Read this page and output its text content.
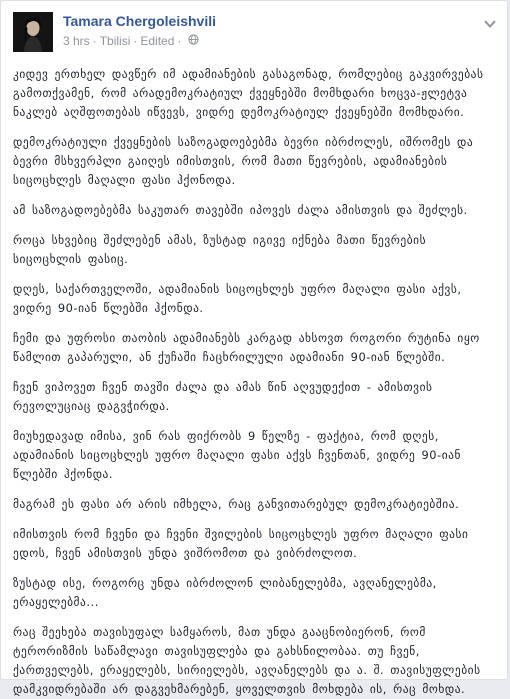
Tamara Chergoleishvili
3 hrs · Tbilisi · Edited ·

კიდევ ერთხელ დავწერ იმ ადამიანების გასაგონად, რომლებიც გაკვირვებას გამოთქვამენ, რომ არადემოკრატიულ ქვეყნებში მომხდარი ხოცვა-ჟლეტვა ნაკლებ აღშფოთებას იწვევს, ვიდრე დემოკრატიულ ქვეყნებში მომხდარი.

დემოკრატიული ქვეყნების საზოგადოებებმა ბევრი იბრძოლეს, იშრომეს და ბევრი მსხვერპლი გაიღეს იმისთვის, რომ მათი წევრების, ადამიანების სიცოცხლეს მაღალი ფასი ჰქონოდა.

ამ საზოგადოებებმა საკუთარ თავებში იპოვეს ძალა ამისთვის და შეძლეს.

როცა სხვებიც შეძლებენ ამას, ზუსტად იგივე იქნება მათი წევრების სიცოცხლის ფასიც.

დღეს, საქართველოში, ადამიანის სიცოცხლეს უფრო მაღალი ფასი აქვს, ვიდრე 90-იან წლებში ჰქონდა.

ჩემი და უფროსი თაობის ადამიანებს კარგად ახსოვთ როგორი რუტინა იყო წამლით გაპარული, ან ქუჩაში ჩაცხრილული ადამიანი 90-იან წლებში.

ჩვენ ვიპოვეთ ჩვენ თავში ძალა და ამას წინ აღვუდექით - ამისთვის რევოლუციაც დაგვჭირდა.

მიუხედავად იმისა, ვინ რას ფიქრობს 9 წელზე - ფაქტია, რომ დღეს, ადამიანის სიცოცხლეს უფრო მაღალი ფასი აქვს ჩვენთან, ვიდრე 90-იან წლებში ჰქონდა.

მაგრამ ეს ფასი არ არის იმხელა, რაც განვითარებულ დემოკრატიებშია.

იმისთვის რომ ჩვენი და ჩვენი შვილების სიცოცხლეს უფრო მაღალი ფასი ედოს, ჩვენ ამისთვის უნდა ვიშრომოთ და ვიბრძოლოთ.

ზუსტად ისე, როგორც უნდა იბრძოლონ ლიბანელებმა, ავღანელებმა, ერაყელებმა...

რაც შეეხება თავისუფალ სამყაროს, მათ უნდა გააცნობიერონ, რომ ტერორიზმის საწამლავი თავისუფლება და გახსნილობაა. თუ ჩვენ, ქართველებს, ერაყელებს, სირიელებს, ავღანელებს და ა. შ. თავისუფლების დამკვიდრებაში არ დაგვეხმარებენ, ყოველთვის მოხდება ის, რაც მოხდა.
